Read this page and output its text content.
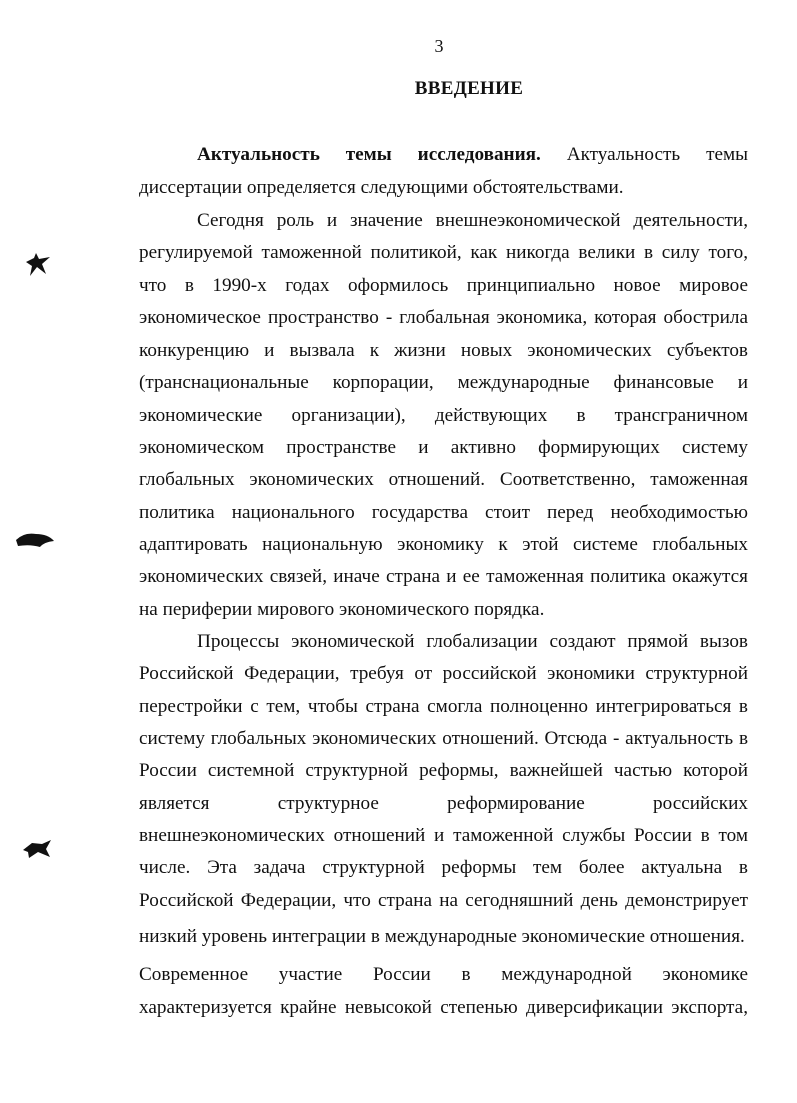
3
ВВЕДЕНИЕ
Актуальность темы исследования. Актуальность темы
диссертации определяется следующими обстоятельствами.
Сегодня роль и значение внешнеэкономической деятельности,
регулируемой таможенной политикой, как никогда велики в силу того,
что в 1990-х годах оформилось принципиально новое мировое
экономическое пространство - глобальная экономика, которая обострила
конкуренцию и вызвала к жизни новых экономических субъектов
(транснациональные корпорации, международные финансовые и
экономические организации), действующих в трансграничном
экономическом пространстве и активно формирующих систему
глобальных экономических отношений. Соответственно, таможенная
политика национального государства стоит перед необходимостью
адаптировать национальную экономику к этой системе глобальных
экономических связей, иначе страна и ее таможенная политика окажутся
на периферии мирового экономического порядка.
Процессы экономической глобализации создают прямой вызов
Российской Федерации, требуя от российской экономики структурной
перестройки с тем, чтобы страна смогла полноценно интегрироваться в
систему глобальных экономических отношений. Отсюда - актуальность в
России системной структурной реформы, важнейшей частью которой
является структурное реформирование российских
внешнеэкономических отношений и таможенной службы России в том
числе. Эта задача структурной реформы тем более актуальна в
Российской Федерации, что страна на сегодняшний день демонстрирует
низкий уровень интеграции в международные экономические отношения.
Современное участие России в международной экономике
характеризуется крайне невысокой степенью диверсификации экспорта,
